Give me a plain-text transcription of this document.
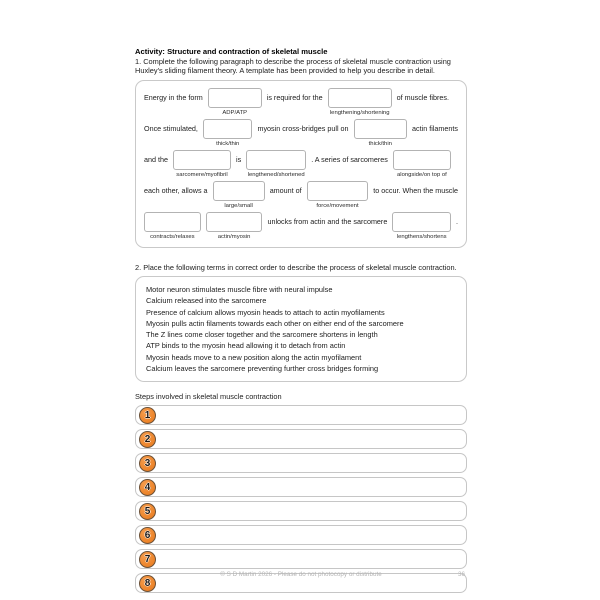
Activity: Structure and contraction of skeletal muscle
1. Complete the following paragraph to describe the process of skeletal muscle contraction using Huxley's sliding filament theory. A template has been provided to help you describe in detail.
Energy in the form
ADP/ATP
is required for the
lengthening/shortening
of muscle fibres.
Once stimulated,
thick/thin
myosin cross-bridges pull on
thick/thin
actin filaments
and the
sarcomere/myofibril
is
lengthened/shortened
. A series of sarcomeres
alongside/on top of
each other, allows a
large/small
amount of
force/movement
to occur. When the muscle
contracts/relaxes	actin/myosin
unlocks from actin and the sarcomere
lengthens/shortens
.
2. Place the following terms in correct order to describe the process of skeletal muscle contraction.
Motor neuron stimulates muscle fibre with neural impulse
Calcium released into the sarcomere
Presence of calcium allows myosin heads to attach to actin myofilaments
Myosin pulls actin filaments towards each other on either end of the sarcomere
The Z lines come closer together and the sarcomere shortens in length
ATP binds to the myosin head allowing it to detach from actin
Myosin heads move to a new position along the actin myofilament
Calcium leaves the sarcomere preventing further cross bridges forming
Steps involved in skeletal muscle contraction
1
2
3
4
5
6
7
8
© S D Martin 2026 - Please do not photocopy or distribute	36
